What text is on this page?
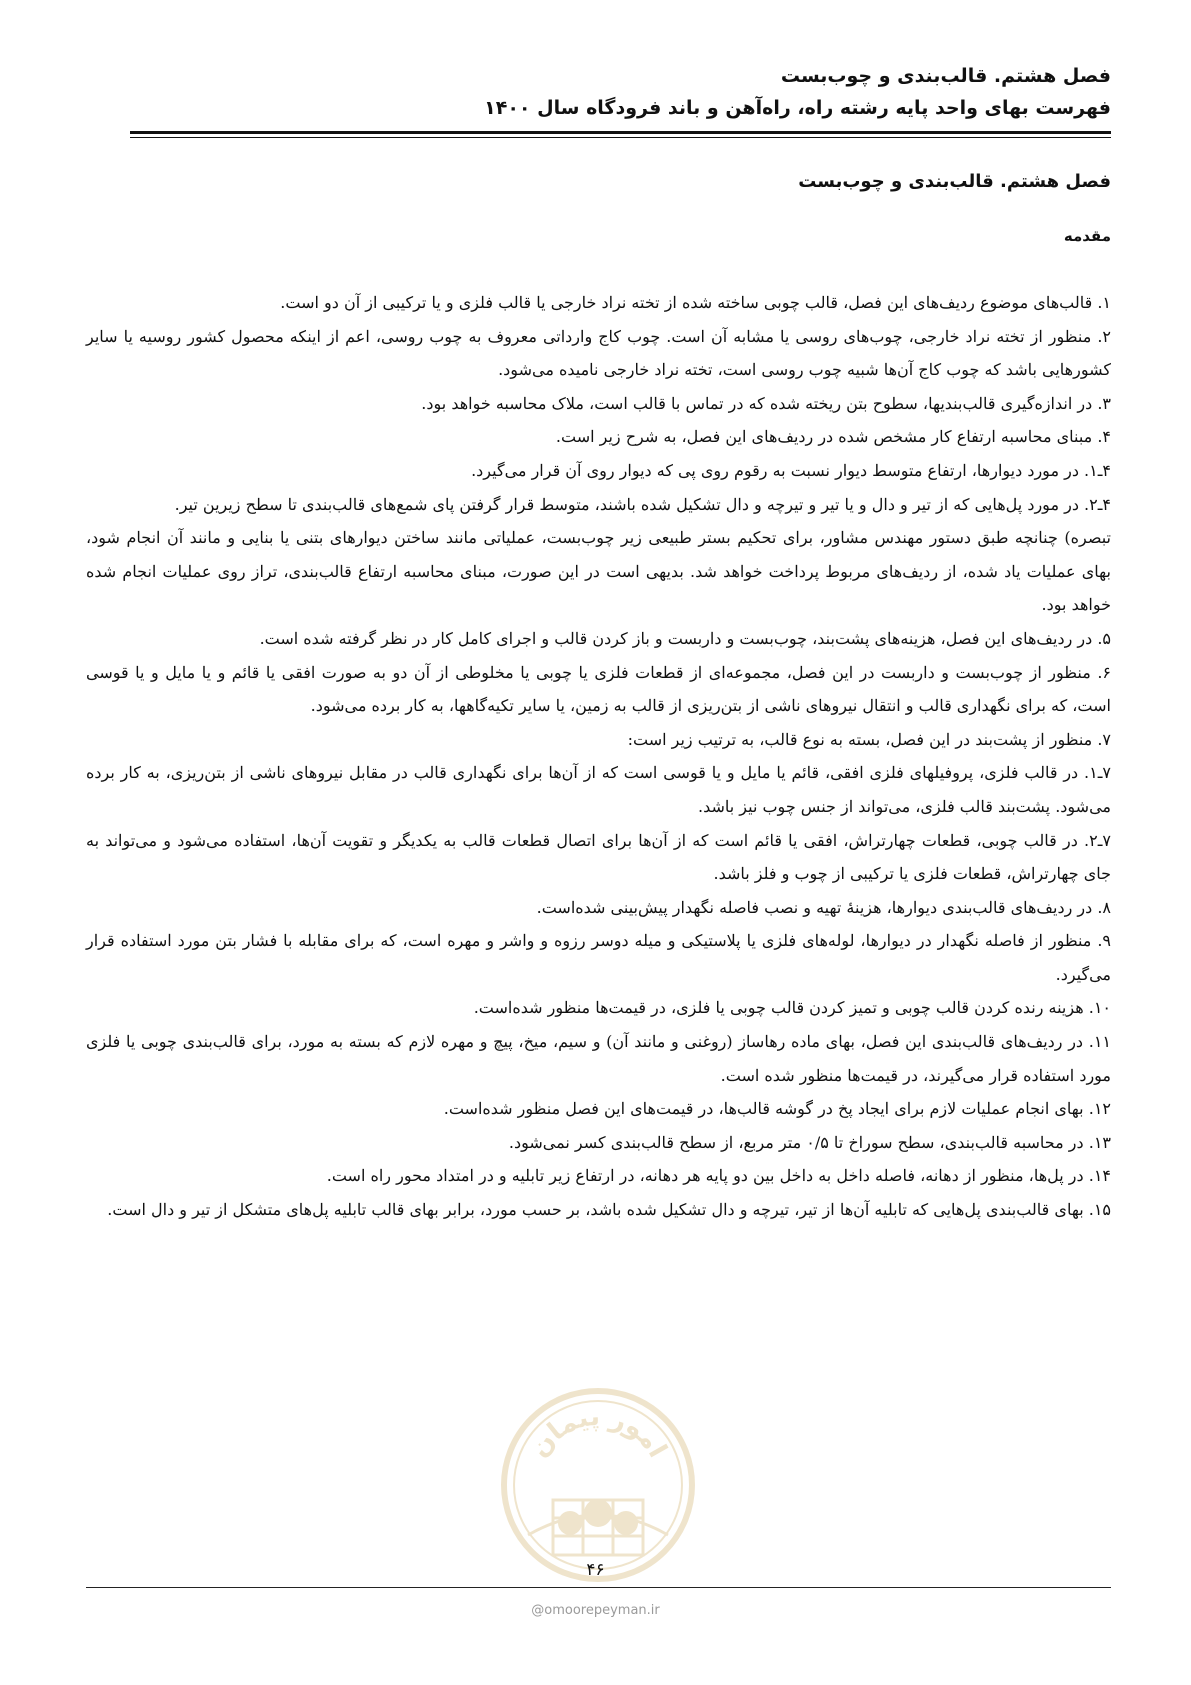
فصل هشتم. قالب‌بندی و چوب‌بست
فهرست بهای واحد پایه رشته راه، راه‌آهن و باند فرودگاه سال ۱۴۰۰
فصل هشتم. قالب‌بندی و چوب‌بست
مقدمه

۱. قالب‌های موضوع ردیف‌های این فصل، قالب چوبی ساخته شده از تخته نراد خارجی یا قالب فلزی و یا ترکیبی از آن دو است.

۲. منظور از تخته نراد خارجی، چوب‌های روسی یا مشابه آن است. چوب کاج وارداتی معروف به چوب روسی، اعم از اینکه محصول کشور روسیه یا سایر کشورهایی باشد که چوب کاج آن‌ها شبیه چوب روسی است، تخته نراد خارجی نامیده می‌شود.

۳. در اندازه‌گیری قالب‌بندیها، سطوح بتن ریخته شده که در تماس با قالب است، ملاک محاسبه خواهد بود.

۴. مبنای محاسبه ارتفاع کار مشخص شده در ردیف‌های این فصل، به شرح زیر است.

۴ـ۱. در مورد دیوارها، ارتفاع متوسط دیوار نسبت به رقوم روی پی که دیوار روی آن قرار می‌گیرد.

۴ـ۲. در مورد پل‌هایی که از تیر و دال و یا تیر و تیرچه و دال تشکیل شده باشند، متوسط قرار گرفتن پای شمع‌های قالب‌بندی تا سطح زیرین تیر.

تبصره) چنانچه طبق دستور مهندس مشاور، برای تحکیم بستر طبیعی زیر چوب‌بست، عملیاتی مانند ساختن دیوارهای بتنی یا بنایی و مانند آن انجام شود، بهای عملیات یاد شده، از ردیف‌های مربوط پرداخت خواهد شد. بدیهی است در این صورت، مبنای محاسبه ارتفاع قالب‌بندی، تراز روی عملیات انجام شده خواهد بود.

۵. در ردیف‌های این فصل، هزینه‌های پشت‌بند، چوب‌بست و داربست و باز کردن قالب و اجرای کامل کار در نظر گرفته شده است.

۶. منظور از چوب‌بست و داربست در این فصل، مجموعه‌ای از قطعات فلزی یا چوبی یا مخلوطی از آن دو به صورت افقی یا قائم و یا مایل و یا قوسی است، که برای نگهداری قالب و انتقال نیروهای ناشی از بتن‌ریزی از قالب به زمین، یا سایر تکیه‌گاهها، به کار برده می‌شود.

۷. منظور از پشت‌بند در این فصل، بسته به نوع قالب، به ترتیب زیر است:

۷ـ۱. در قالب فلزی، پروفیلهای فلزی افقی، قائم یا مایل و یا قوسی است که از آن‌ها برای نگهداری قالب در مقابل نیروهای ناشی از بتن‌ریزی، به کار برده می‌شود. پشت‌بند قالب فلزی، می‌تواند از جنس چوب نیز باشد.

۷ـ۲. در قالب چوبی، قطعات چهارتراش، افقی یا قائم است که از آن‌ها برای اتصال قطعات قالب به یکدیگر و تقویت آن‌ها، استفاده می‌شود و می‌تواند به جای چهارتراش، قطعات فلزی یا ترکیبی از چوب و فلز باشد.

۸. در ردیف‌های قالب‌بندی دیوارها، هزینهٔ تهیه و نصب فاصله نگهدار پیش‌بینی شده‌است.

۹. منظور از فاصله نگهدار در دیوارها، لوله‌های فلزی یا پلاستیکی و میله دوسر رزوه و واشر و مهره است، که برای مقابله با فشار بتن مورد استفاده قرار می‌گیرد.

۱۰. هزینه رنده کردن قالب چوبی و تمیز کردن قالب چوبی یا فلزی، در قیمت‌ها منظور شده‌است.

۱۱. در ردیف‌های قالب‌بندی این فصل، بهای ماده رهاساز (روغنی و مانند آن) و سیم، میخ، پیچ و مهره لازم که بسته به مورد، برای قالب‌بندی چوبی یا فلزی مورد استفاده قرار می‌گیرند، در قیمت‌ها منظور شده است.

۱۲. بهای انجام عملیات لازم برای ایجاد پخ در گوشه قالب‌ها، در قیمت‌های این فصل منظور شده‌است.

۱۳. در محاسبه قالب‌بندی، سطح سوراخ تا ۰/۵ متر مربع، از سطح قالب‌بندی کسر نمی‌شود.

۱۴. در پل‌ها، منظور از دهانه، فاصله داخل به داخل بین دو پایه هر دهانه، در ارتفاع زیر تابلیه و در امتداد محور راه است.

۱۵. بهای قالب‌بندی پل‌هایی که تابلیه آن‌ها از تیر، تیرچه و دال تشکیل شده باشد، بر حسب مورد، برابر بهای قالب تابلیه پل‌های متشکل از تیر و دال است.

امور پیمان
۴۶
@omoorepeyman.ir
